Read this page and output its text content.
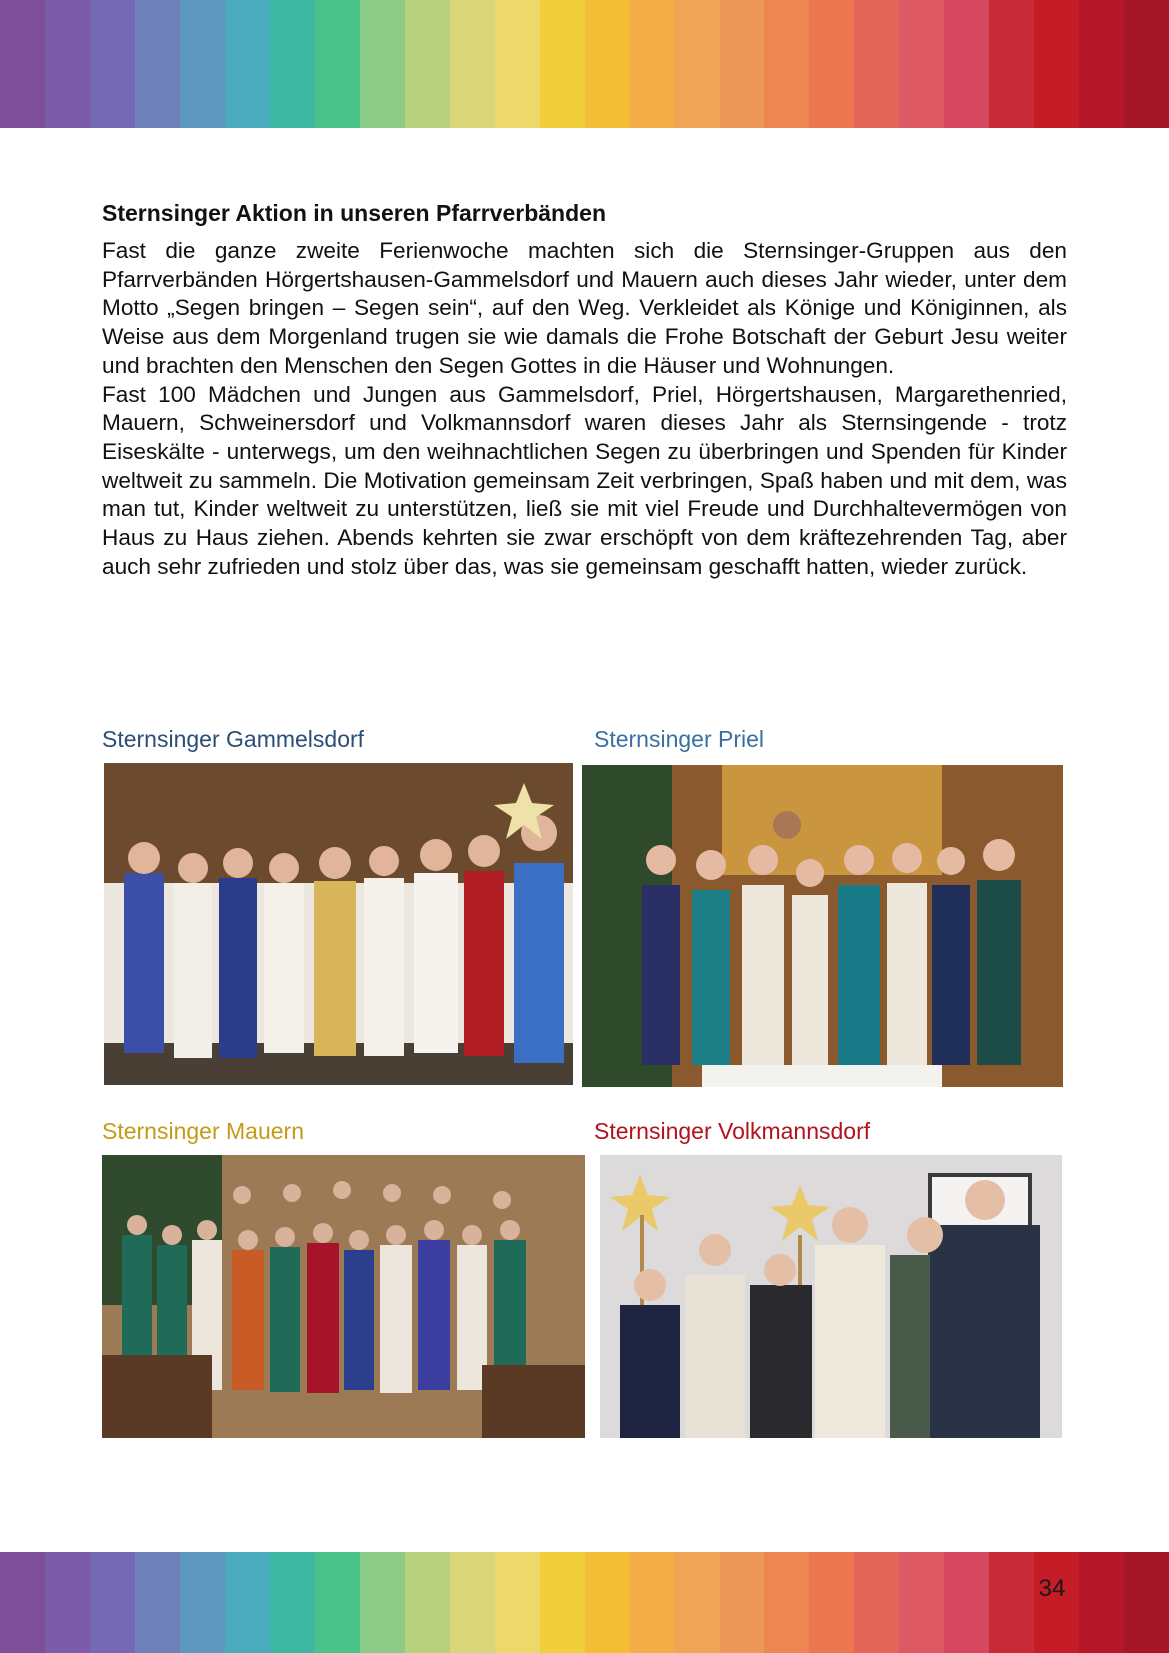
Sternsinger Aktion in unseren Pfarrverbänden

Fast die ganze zweite Ferienwoche machten sich die Sternsinger-Gruppen aus den Pfarrverbänden Hörgertshausen-Gammelsdorf und Mauern auch dieses Jahr wieder, unter dem Motto „Segen bringen – Segen sein“, auf den Weg. Verkleidet als Könige und Königinnen, als Weise aus dem Morgenland trugen sie wie damals die Frohe Botschaft der Geburt Jesu weiter und brachten den Menschen den Segen Gottes in die Häuser und Wohnungen.

Fast 100 Mädchen und Jungen aus Gammelsdorf, Priel, Hörgertshausen, Margarethenried, Mauern, Schweinersdorf und Volkmannsdorf waren dieses Jahr als Sternsingende - trotz Eiseskälte - unterwegs, um den weihnachtlichen Segen zu überbringen und Spenden für Kinder weltweit zu sammeln. Die Motivation gemeinsam Zeit verbringen, Spaß haben und mit dem, was man tut, Kinder weltweit zu unterstützen, ließ sie mit viel Freude und Durchhaltevermögen von Haus zu Haus ziehen. Abends kehrten sie zwar erschöpft von dem kräftezehrenden Tag, aber auch sehr zufrieden und stolz über das, was sie gemeinsam geschafft hatten, wieder zurück.

Sternsinger Gammelsdorf	Sternsinger Priel
Sternsinger Mauern	Sternsinger Volkmannsdorf
34
